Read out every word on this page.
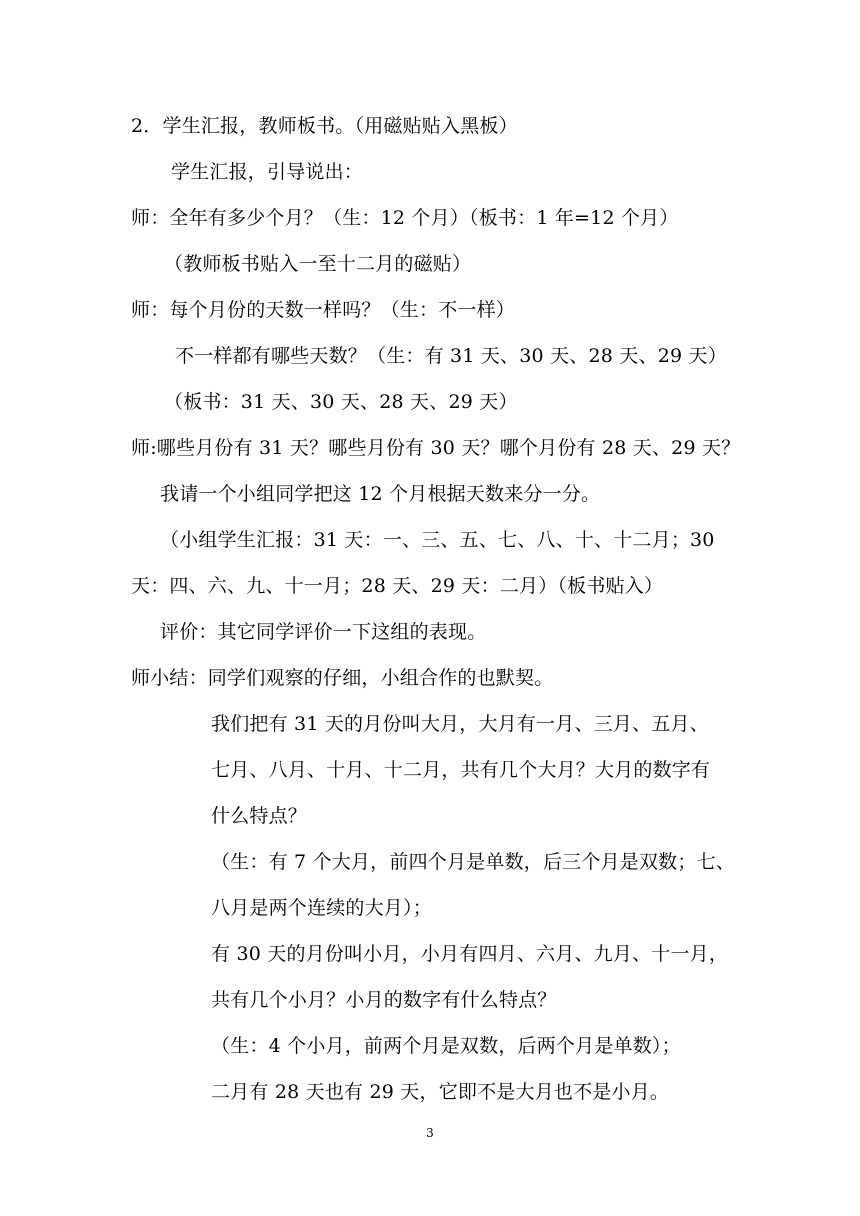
2．学生汇报，教师板书。（用磁贴贴入黑板）
学生汇报，引导说出：
师：全年有多少个月？（生：12 个月）（板书：1 年=12 个月）
（教师板书贴入一至十二月的磁贴）
师：每个月份的天数一样吗？（生：不一样）
不一样都有哪些天数？（生：有 31 天、30 天、28 天、29 天）
（板书：31 天、30 天、28 天、29 天）
师:哪些月份有 31 天？哪些月份有 30 天？哪个月份有 28 天、29 天？
我请一个小组同学把这 12 个月根据天数来分一分。
（小组学生汇报：31 天：一、三、五、七、八、十、十二月；30
天：四、六、九、十一月；28 天、29 天：二月）（板书贴入）
评价：其它同学评价一下这组的表现。
师小结：同学们观察的仔细，小组合作的也默契。
我们把有 31 天的月份叫大月，大月有一月、三月、五月、
七月、八月、十月、十二月，共有几个大月？大月的数字有
什么特点？
（生：有 7 个大月，前四个月是单数，后三个月是双数；七、
八月是两个连续的大月）；
有 30 天的月份叫小月，小月有四月、六月、九月、十一月，
共有几个小月？小月的数字有什么特点？
（生：4 个小月，前两个月是双数，后两个月是单数）；
二月有 28 天也有 29 天，它即不是大月也不是小月。
3
